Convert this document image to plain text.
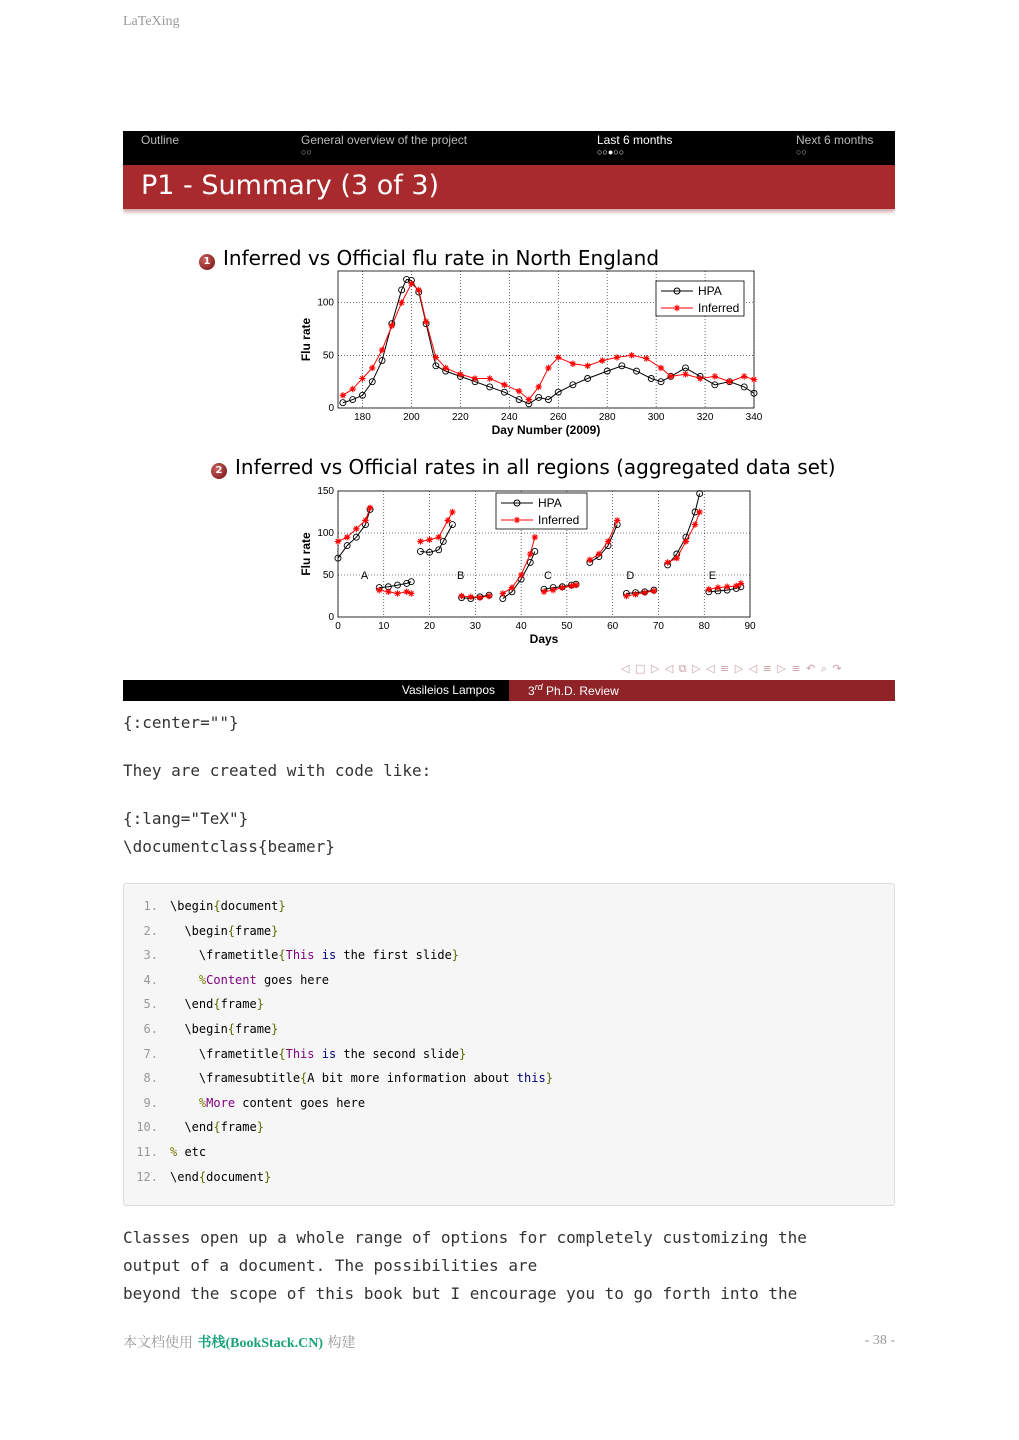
LaTeXing
Outline	General overview of the project
○○
Last 6 months
○○●○○
Next 6 months
○○
P1 - Summary (3 of 3)
1 Inferred vs Official flu rate in North England
180	200	220	240	260	280	300	320	340
0
50
100
Day Number (2009)
Flu rate
HPA
Inferred
2 Inferred vs Official rates in all regions (aggregated data set)
0	10	20	30	40	50	60	70	80	90
0
50
100
150
Days
Flu rate
HPA
Inferred
A	B	C	D	E
◁ □ ▷ ◁ ⧉ ▷ ◁ ≡ ▷ ◁ ≡ ▷ ≡ ↶ ⌕ ↷
Vasileios Lampos	3rd Ph.D. Review
{:center=""}
They are created with code like:
{:lang="TeX"}
\documentclass{beamer}
1. \begin{document}
2.  \begin{frame}
3.    \frametitle{This is the first slide}
4.	%Content goes here
5.  \end{frame}
6.  \begin{frame}
7.    \frametitle{This is the second slide}
8.    \framesubtitle{A bit more information about this}
9.	%More content goes here
10.  \end{frame}
11. % etc
12. \end{document}
Classes open up a whole range of options for completely customizing the
output of a document. The possibilities are
beyond the scope of this book but I encourage you to go forth into the
本文档使用 书栈(BookStack.CN) 构建	- 38 -
